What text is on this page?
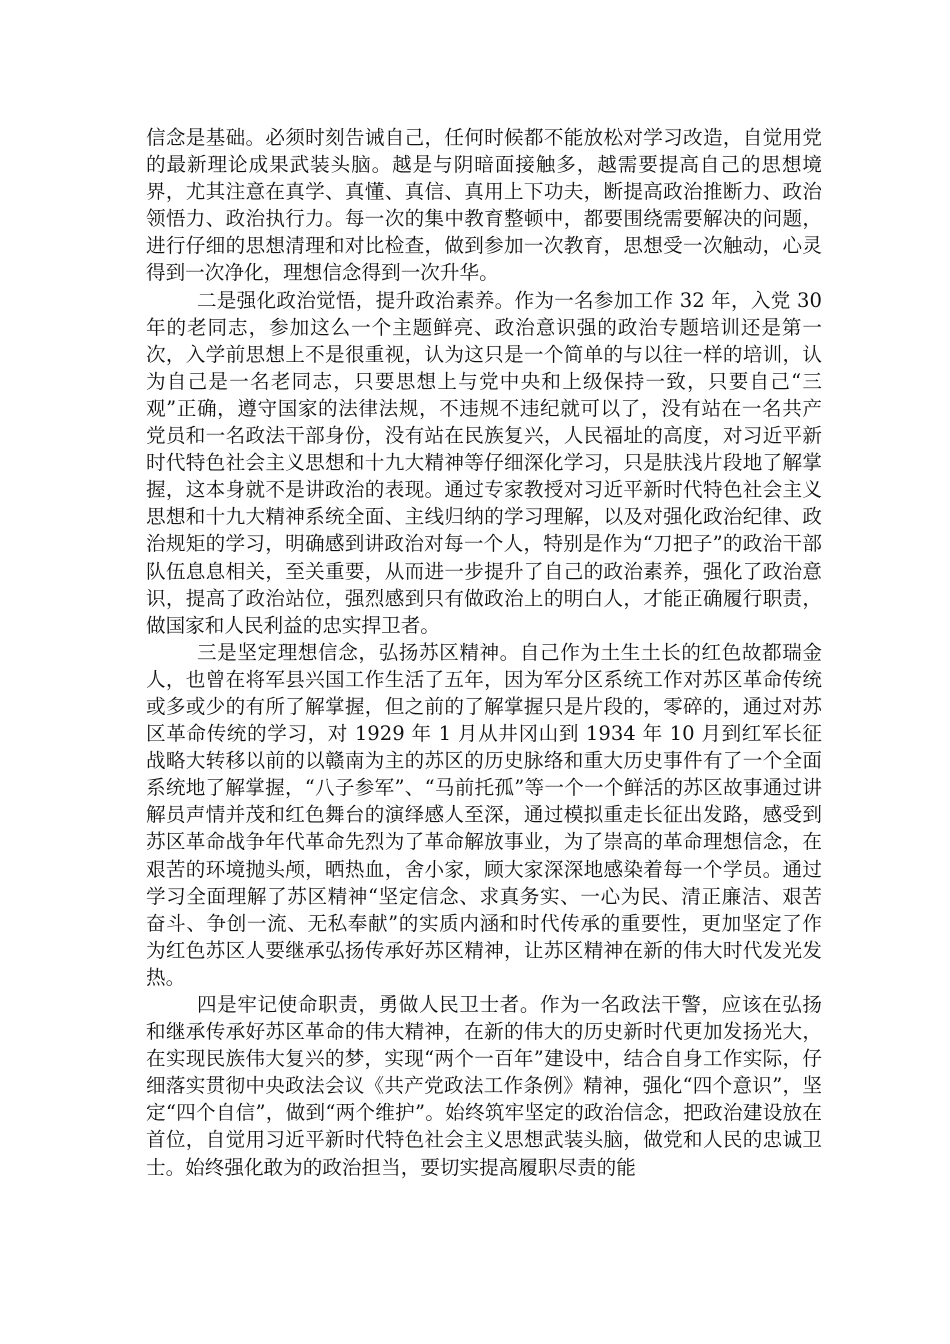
信念是基础。必须时刻告诫自己，任何时候都不能放松对学习改造，自觉用党的最新理论成果武装头脑。越是与阴暗面接触多，越需要提高自己的思想境界，尤其注意在真学、真懂、真信、真用上下功夫，断提高政治推断力、政治领悟力、政治执行力。每一次的集中教育整顿中，都要围绕需要解决的问题，进行仔细的思想清理和对比检查，做到参加一次教育，思想受一次触动，心灵得到一次净化，理想信念得到一次升华。

二是强化政治觉悟，提升政治素养。作为一名参加工作 32 年，入党 30 年的老同志，参加这么一个主题鲜亮、政治意识强的政治专题培训还是第一次，入学前思想上不是很重视，认为这只是一个简单的与以往一样的培训，认为自己是一名老同志，只要思想上与党中央和上级保持一致，只要自己“三观”正确，遵守国家的法律法规，不违规不违纪就可以了，没有站在一名共产党员和一名政法干部身份，没有站在民族复兴，人民福址的高度，对习近平新时代特色社会主义思想和十九大精神等仔细深化学习，只是肤浅片段地了解掌握，这本身就不是讲政治的表现。通过专家教授对习近平新时代特色社会主义思想和十九大精神系统全面、主线归纳的学习理解，以及对强化政治纪律、政治规矩的学习，明确感到讲政治对每一个人，特别是作为“刀把子”的政治干部队伍息息相关，至关重要，从而进一步提升了自己的政治素养，强化了政治意识，提高了政治站位，强烈感到只有做政治上的明白人，才能正确履行职责，做国家和人民利益的忠实捍卫者。

三是坚定理想信念，弘扬苏区精神。自己作为土生土长的红色故都瑞金人，也曾在将军县兴国工作生活了五年，因为军分区系统工作对苏区革命传统或多或少的有所了解掌握，但之前的了解掌握只是片段的，零碎的，通过对苏区革命传统的学习，对 1929 年 1 月从井冈山到 1934 年 10 月到红军长征战略大转移以前的以赣南为主的苏区的历史脉络和重大历史事件有了一个全面系统地了解掌握，“八子参军”、“马前托孤”等一个一个鲜活的苏区故事通过讲解员声情并茂和红色舞台的演绎感人至深，通过模拟重走长征出发路，感受到苏区革命战争年代革命先烈为了革命解放事业，为了崇高的革命理想信念，在艰苦的环境抛头颅，晒热血，舍小家，顾大家深深地感染着每一个学员。通过学习全面理解了苏区精神“坚定信念、求真务实、一心为民、清正廉洁、艰苦奋斗、争创一流、无私奉献”的实质内涵和时代传承的重要性，更加坚定了作为红色苏区人要继承弘扬传承好苏区精神，让苏区精神在新的伟大时代发光发热。

四是牢记使命职责，勇做人民卫士者。作为一名政法干警，应该在弘扬和继承传承好苏区革命的伟大精神，在新的伟大的历史新时代更加发扬光大，在实现民族伟大复兴的梦，实现“两个一百年”建设中，结合自身工作实际，仔细落实贯彻中央政法会议《共产党政法工作条例》精神，强化“四个意识”，坚定“四个自信”，做到“两个维护”。始终筑牢坚定的政治信念，把政治建设放在首位，自觉用习近平新时代特色社会主义思想武装头脑，做党和人民的忠诚卫士。始终强化敢为的政治担当，要切实提高履职尽责的能
